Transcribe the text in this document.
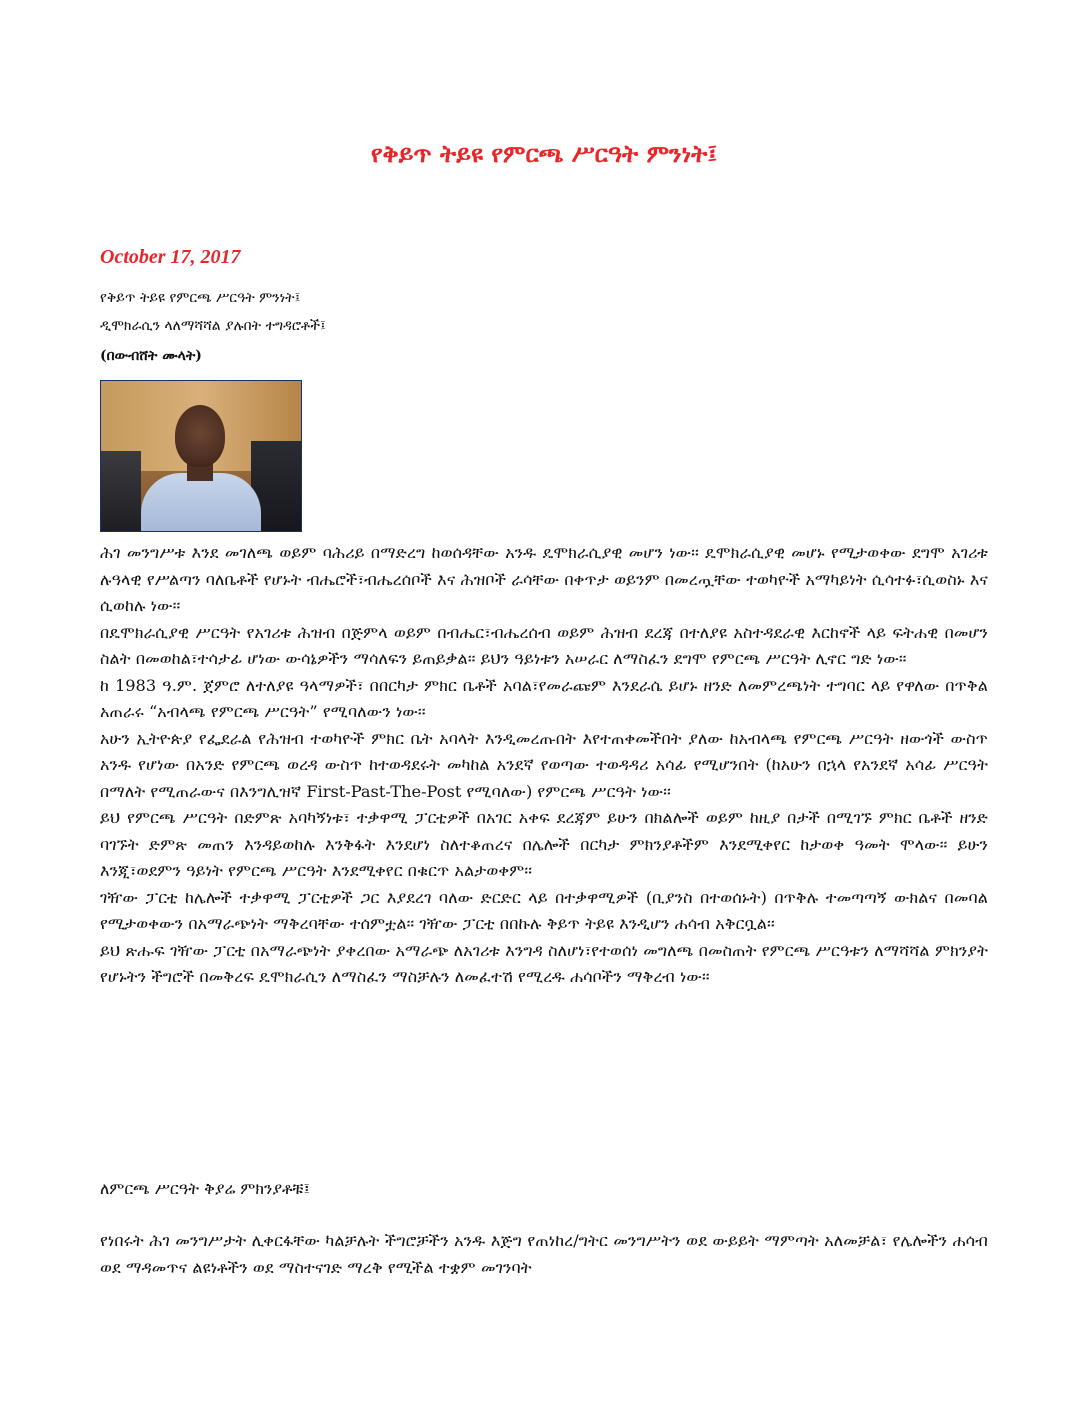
የቅይጥ ትይዩ የምርጫ ሥርዓት ምንነት፤
October 17, 2017
የቅይጥ ትይዩ የምርጫ ሥርዓት ምንነት፤
ዲሞክራሲን ላለማሻሻል ያሉበት ተግዳሮቶች፤
(በውብሸት ሙላት)

ሕገ መንግሥቱ እንደ መገለጫ ወይም ባሕሪይ በማድረግ ከወሰዳቸው አንዱ ዴሞክራሲያዊ መሆን ነው፡፡ ዴሞክራሲያዊ መሆኑ የሚታወቀው ደግሞ አገሪቱ ሉዓላዊ የሥልጣን ባለቤቶች የሆኑት ብሔሮች፣ብሔረሰቦች እና ሕዝቦች ራሳቸው በቀጥታ ወይንም በመረጧቸው ተወካዮች አማካይነት ሲሳተፉ፣ሲወስኑ እና ሲወከሉ ነው፡፡

በዴሞክራሲያዊ ሥርዓት የአገሪቱ ሕዝብ በጅምላ ወይም በብሔር፣ብሔረሰብ ወይም ሕዝብ ደረጃ በተለያዩ አስተዳደራዊ እርከኖች ላይ ፍትሐዊ በመሆን ስልት በመወከል፣ተሳታፊ ሆነው ውሳኔዎችን ማሳለፍን ይጠይቃል፡፡ ይህን ዓይነቱን አሠራር ለማስፈን ደግሞ የምርጫ ሥርዓት ሊኖር ግድ ነው፡፡

ከ 1983 ዓ.ም. ጀምሮ ለተለያዩ ዓላማዎች፣ በበርካታ ምክር ቤቶች አባል፣የመራጩም እንደራሴ ይሆኑ ዘንድ ለመምረጫነት ተግባር ላይ የዋለው በጥቅል አጠራሩ “አብላጫ የምርጫ ሥርዓት” የሚባለውን ነው፡፡

አሁን ኢትዮጵያ የፌደራል የሕዝብ ተወካዮች ምክር ቤት አባላት እንዲመረጡበት እየተጠቀመችበት ያለው ከአብላጫ የምርጫ ሥርዓት ዘውጎች ውስጥ አንዱ የሆነው በአንድ የምርጫ ወረዳ ውስጥ ከተወዳደሩት መካከል አንደኛ የወጣው ተወዳዳሪ አሳፊ የሚሆንበት (ከአሁን በኋላ የአንደኛ አሳፊ ሥርዓት በማለት የሚጠራውና በእንግሊዝኛ First-Past-The-Post የሚባለው) የምርጫ ሥርዓት ነው፡፡

ይህ የምርጫ ሥርዓት በድምጽ አባካኝነቱ፣ ተቃዋሚ ፓርቲዎች በአገር አቀፍ ደረጃም ይሁን በክልሎች ወይም ከዚያ በታች በሚገኙ ምክር ቤቶች ዘንድ ባገኙት ድምጽ መጠን እንዳይወከሉ እንቅፋት እንደሆነ ስለተቆጠረና በሌሎች በርካታ ምክንያቶችም እንደሚቀየር ከታወቀ ዓመት ሞላው፡፡ ይሁን እንጂ፣ወደምን ዓይነት የምርጫ ሥርዓት እንደሚቀየር በቁርጥ አልታወቀም፡፡

ገዥው ፓርቲ ከሌሎች ተቃዋሚ ፓርቲዎች ጋር እያደረገ ባለው ድርድር ላይ በተቃዋሚዎች (ቢያንስ በተወሰኑት) በጥቅሉ ተመጣጣኝ ውክልና በመባል የሚታወቀውን በአማራጭነት ማቅረባቸው ተሰምቷል፡፡ ገዥው ፓርቲ በበኩሉ ቅይጥ ትይዩ እንዲሆን ሐሳብ አቅርቧል፡፡

ይህ ጽሑፍ ገዥው ፓርቲ በአማራጭነት ያቀረበው አማራጭ ለአገሪቱ እንግዳ ስለሆነ፣የተወሰነ መግለጫ በመስጠት የምርጫ ሥርዓቱን ለማሻሻል ምክንያት የሆኑትን ችግሮች በመቅረፍ ዴሞክራሲን ለማስፈን ማስቻሉን ለመፈተሽ የሚረዱ ሐሳቦችን ማቅረብ ነው፡፡

ለምርጫ ሥርዓት ቅያሬ ምክንያቶቹ፤

የነበሩት ሕገ መንግሥታት ሊቀርፋቸው ካልቻሉት ችግሮቻችን አንዱ እጅግ የጠነከረ/ግትር መንግሥትን ወደ ውይይት ማምጣት አለመቻል፣ የሌሎችን ሐሳብ ወደ ማዳመጥና ልዩነቶችን ወደ ማስተናገድ ማረቅ የሚችል ተቋም መገንባት
